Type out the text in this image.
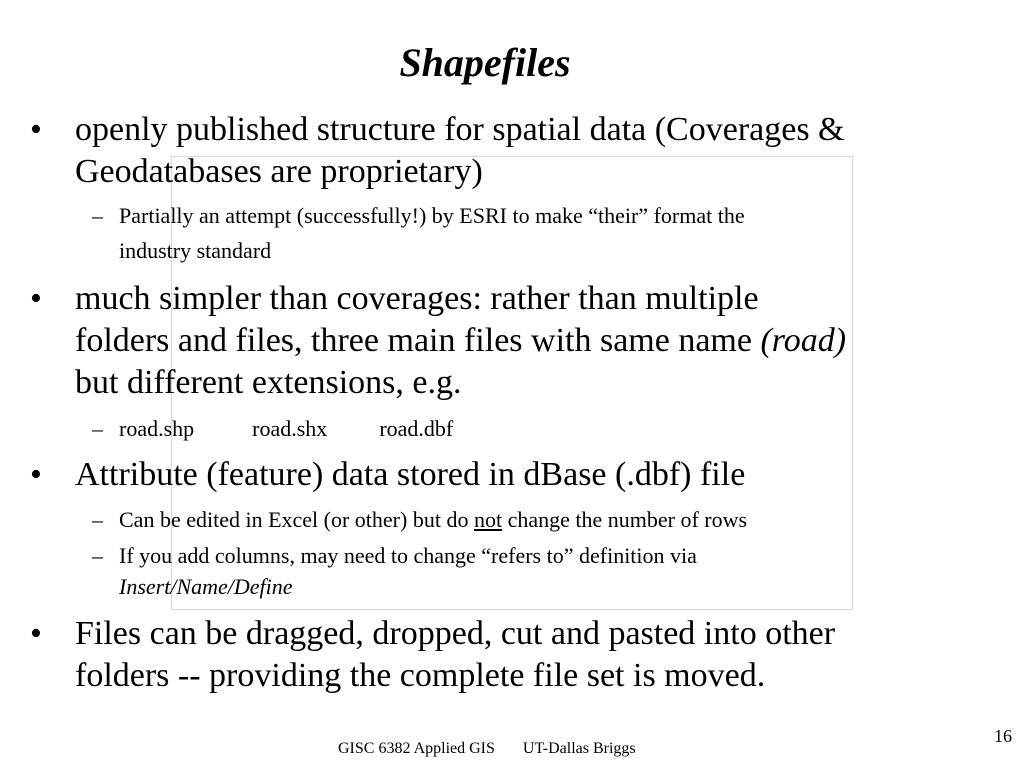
Shapefiles
• openly published structure for spatial data (Coverages &

Geodatabases are proprietary)

– Partially an attempt (successfully!) by ESRI to make “their” format the

industry standard

• much simpler than coverages: rather than multiple

folders and files, three main files with same name (road)

but different extensions, e.g.

– road.shp	road.shx road.dbf

• Attribute (feature) data stored in dBase (.dbf) file

– Can be edited in Excel (or other) but do not change the number of rows

– If you add columns, may need to change “refers to” definition via

Insert/Name/Define

• Files can be dragged, dropped, cut and pasted into other

folders -- providing the complete file set is moved.

GISC 6382 Applied GIS UT-Dallas Briggs
16
